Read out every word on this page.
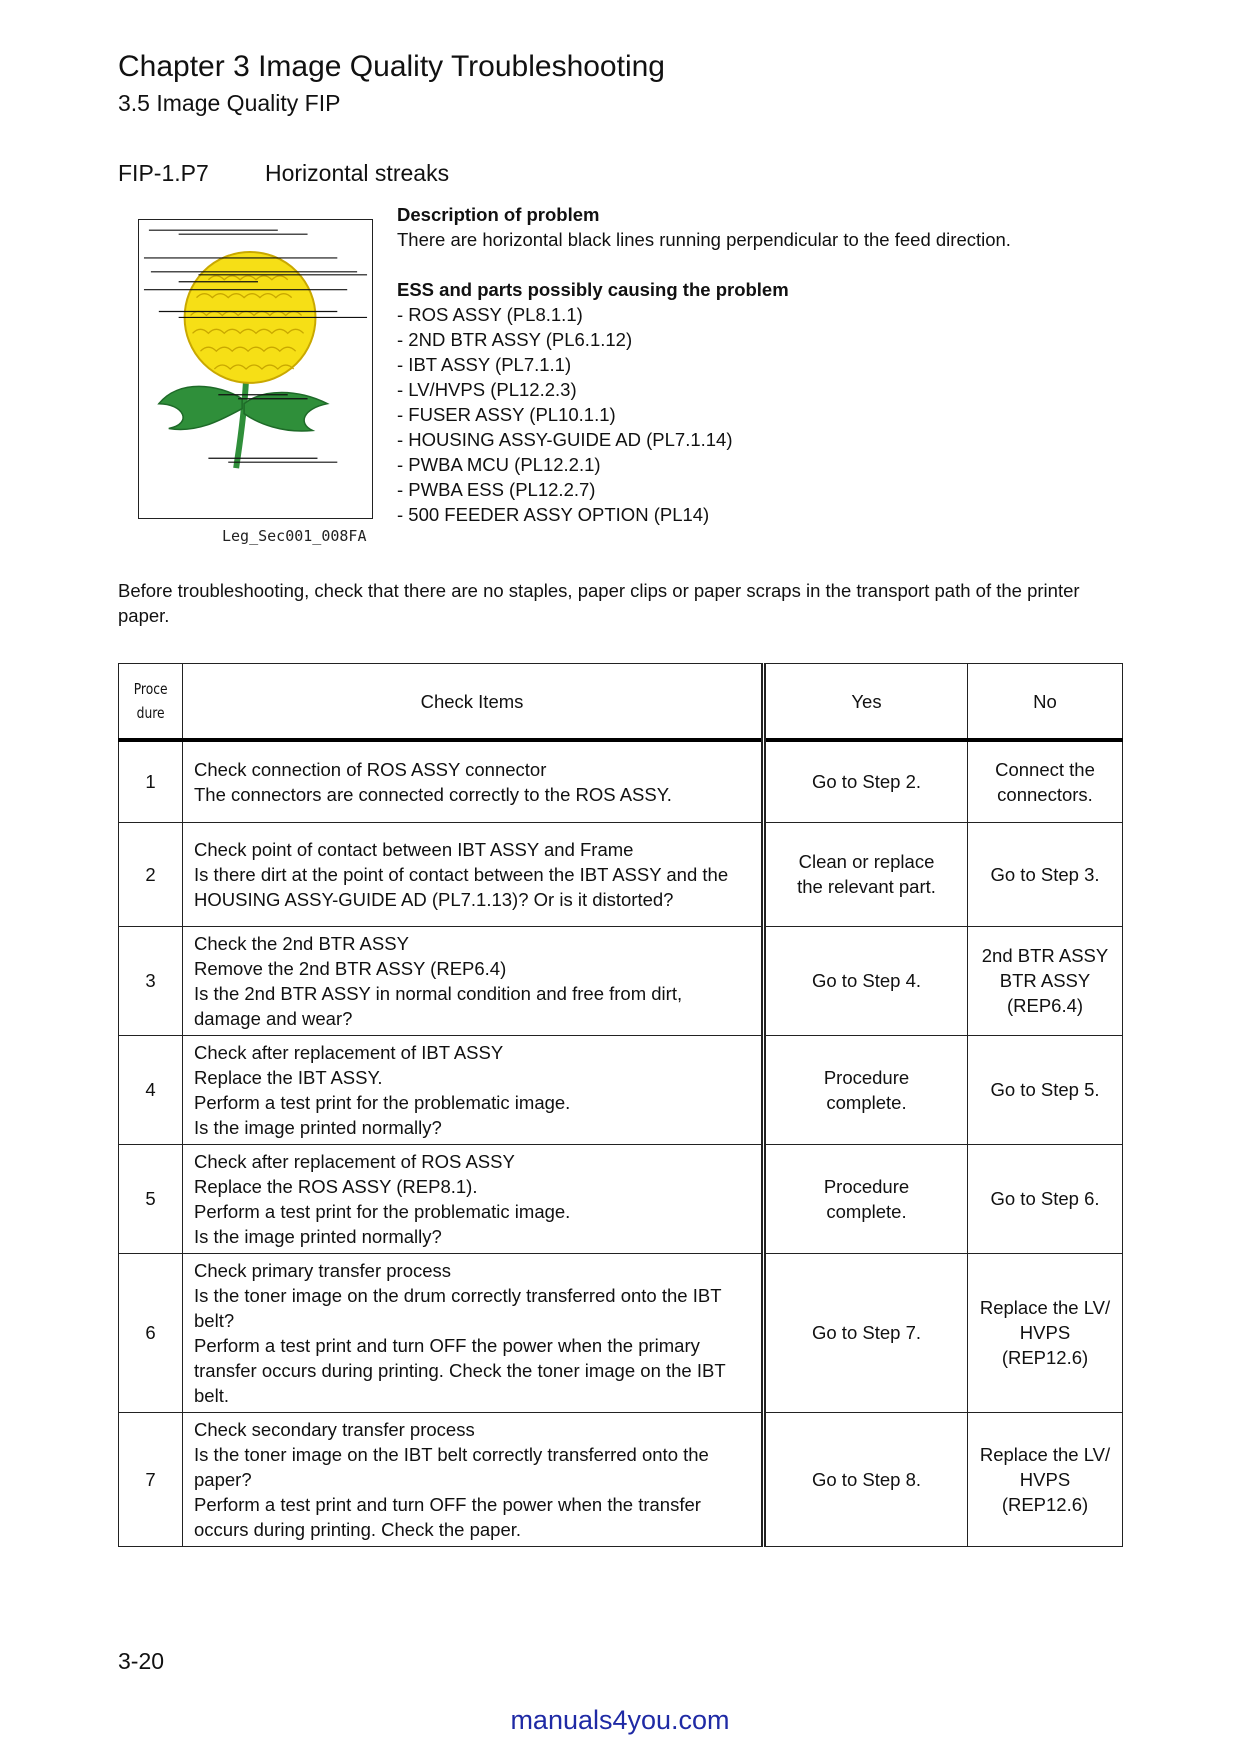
Chapter 3 Image Quality Troubleshooting
3.5 Image Quality FIP
FIP-1.P7 Horizontal streaks
Leg_Sec001_008FA
Description of problem
There are horizontal black lines running perpendicular to the feed direction.
ESS and parts possibly causing the problem
- ROS ASSY (PL8.1.1)
- 2ND BTR ASSY (PL6.1.12)
- IBT ASSY (PL7.1.1)
- LV/HVPS (PL12.2.3)
- FUSER ASSY (PL10.1.1)
- HOUSING ASSY-GUIDE AD (PL7.1.14)
- PWBA MCU (PL12.2.1)
- PWBA ESS (PL12.2.7)
- 500 FEEDER ASSY OPTION (PL14)
Before troubleshooting, check that there are no staples, paper clips or paper scraps in the transport path of the printer paper.
Proce
dure	Check Items	Yes	No
1	Check connection of ROS ASSY connector
The connectors are connected correctly to the ROS ASSY.	Go to Step 2.	Connect the
connectors.

2	Check point of contact between IBT ASSY and Frame
Is there dirt at the point of contact between the IBT ASSY and the HOUSING ASSY-GUIDE AD (PL7.1.13)? Or is it distorted?	Clean or replace
the relevant part.	Go to Step 3.

3	Check the 2nd BTR ASSY
Remove the 2nd BTR ASSY (REP6.4)
Is the 2nd BTR ASSY in normal condition and free from dirt, damage and wear?	Go to Step 4.	2nd BTR ASSY
BTR ASSY
(REP6.4)

4	Check after replacement of IBT ASSY
Replace the IBT ASSY.
Perform a test print for the problematic image.
Is the image printed normally?	Procedure
complete.	Go to Step 5.

5	Check after replacement of ROS ASSY
Replace the ROS ASSY (REP8.1).
Perform a test print for the problematic image.
Is the image printed normally?	Procedure
complete.	Go to Step 6.

6	Check primary transfer process
Is the toner image on the drum correctly transferred onto the IBT belt?
Perform a test print and turn OFF the power when the primary transfer occurs during printing. Check the toner image on the IBT belt.	Go to Step 7.	Replace the LV/
HVPS (REP12.6)

7	Check secondary transfer process
Is the toner image on the IBT belt correctly transferred onto the paper?
Perform a test print and turn OFF the power when the transfer occurs during printing. Check the paper.	Go to Step 8.	Replace the LV/
HVPS (REP12.6)
3-20
manuals4you.com
